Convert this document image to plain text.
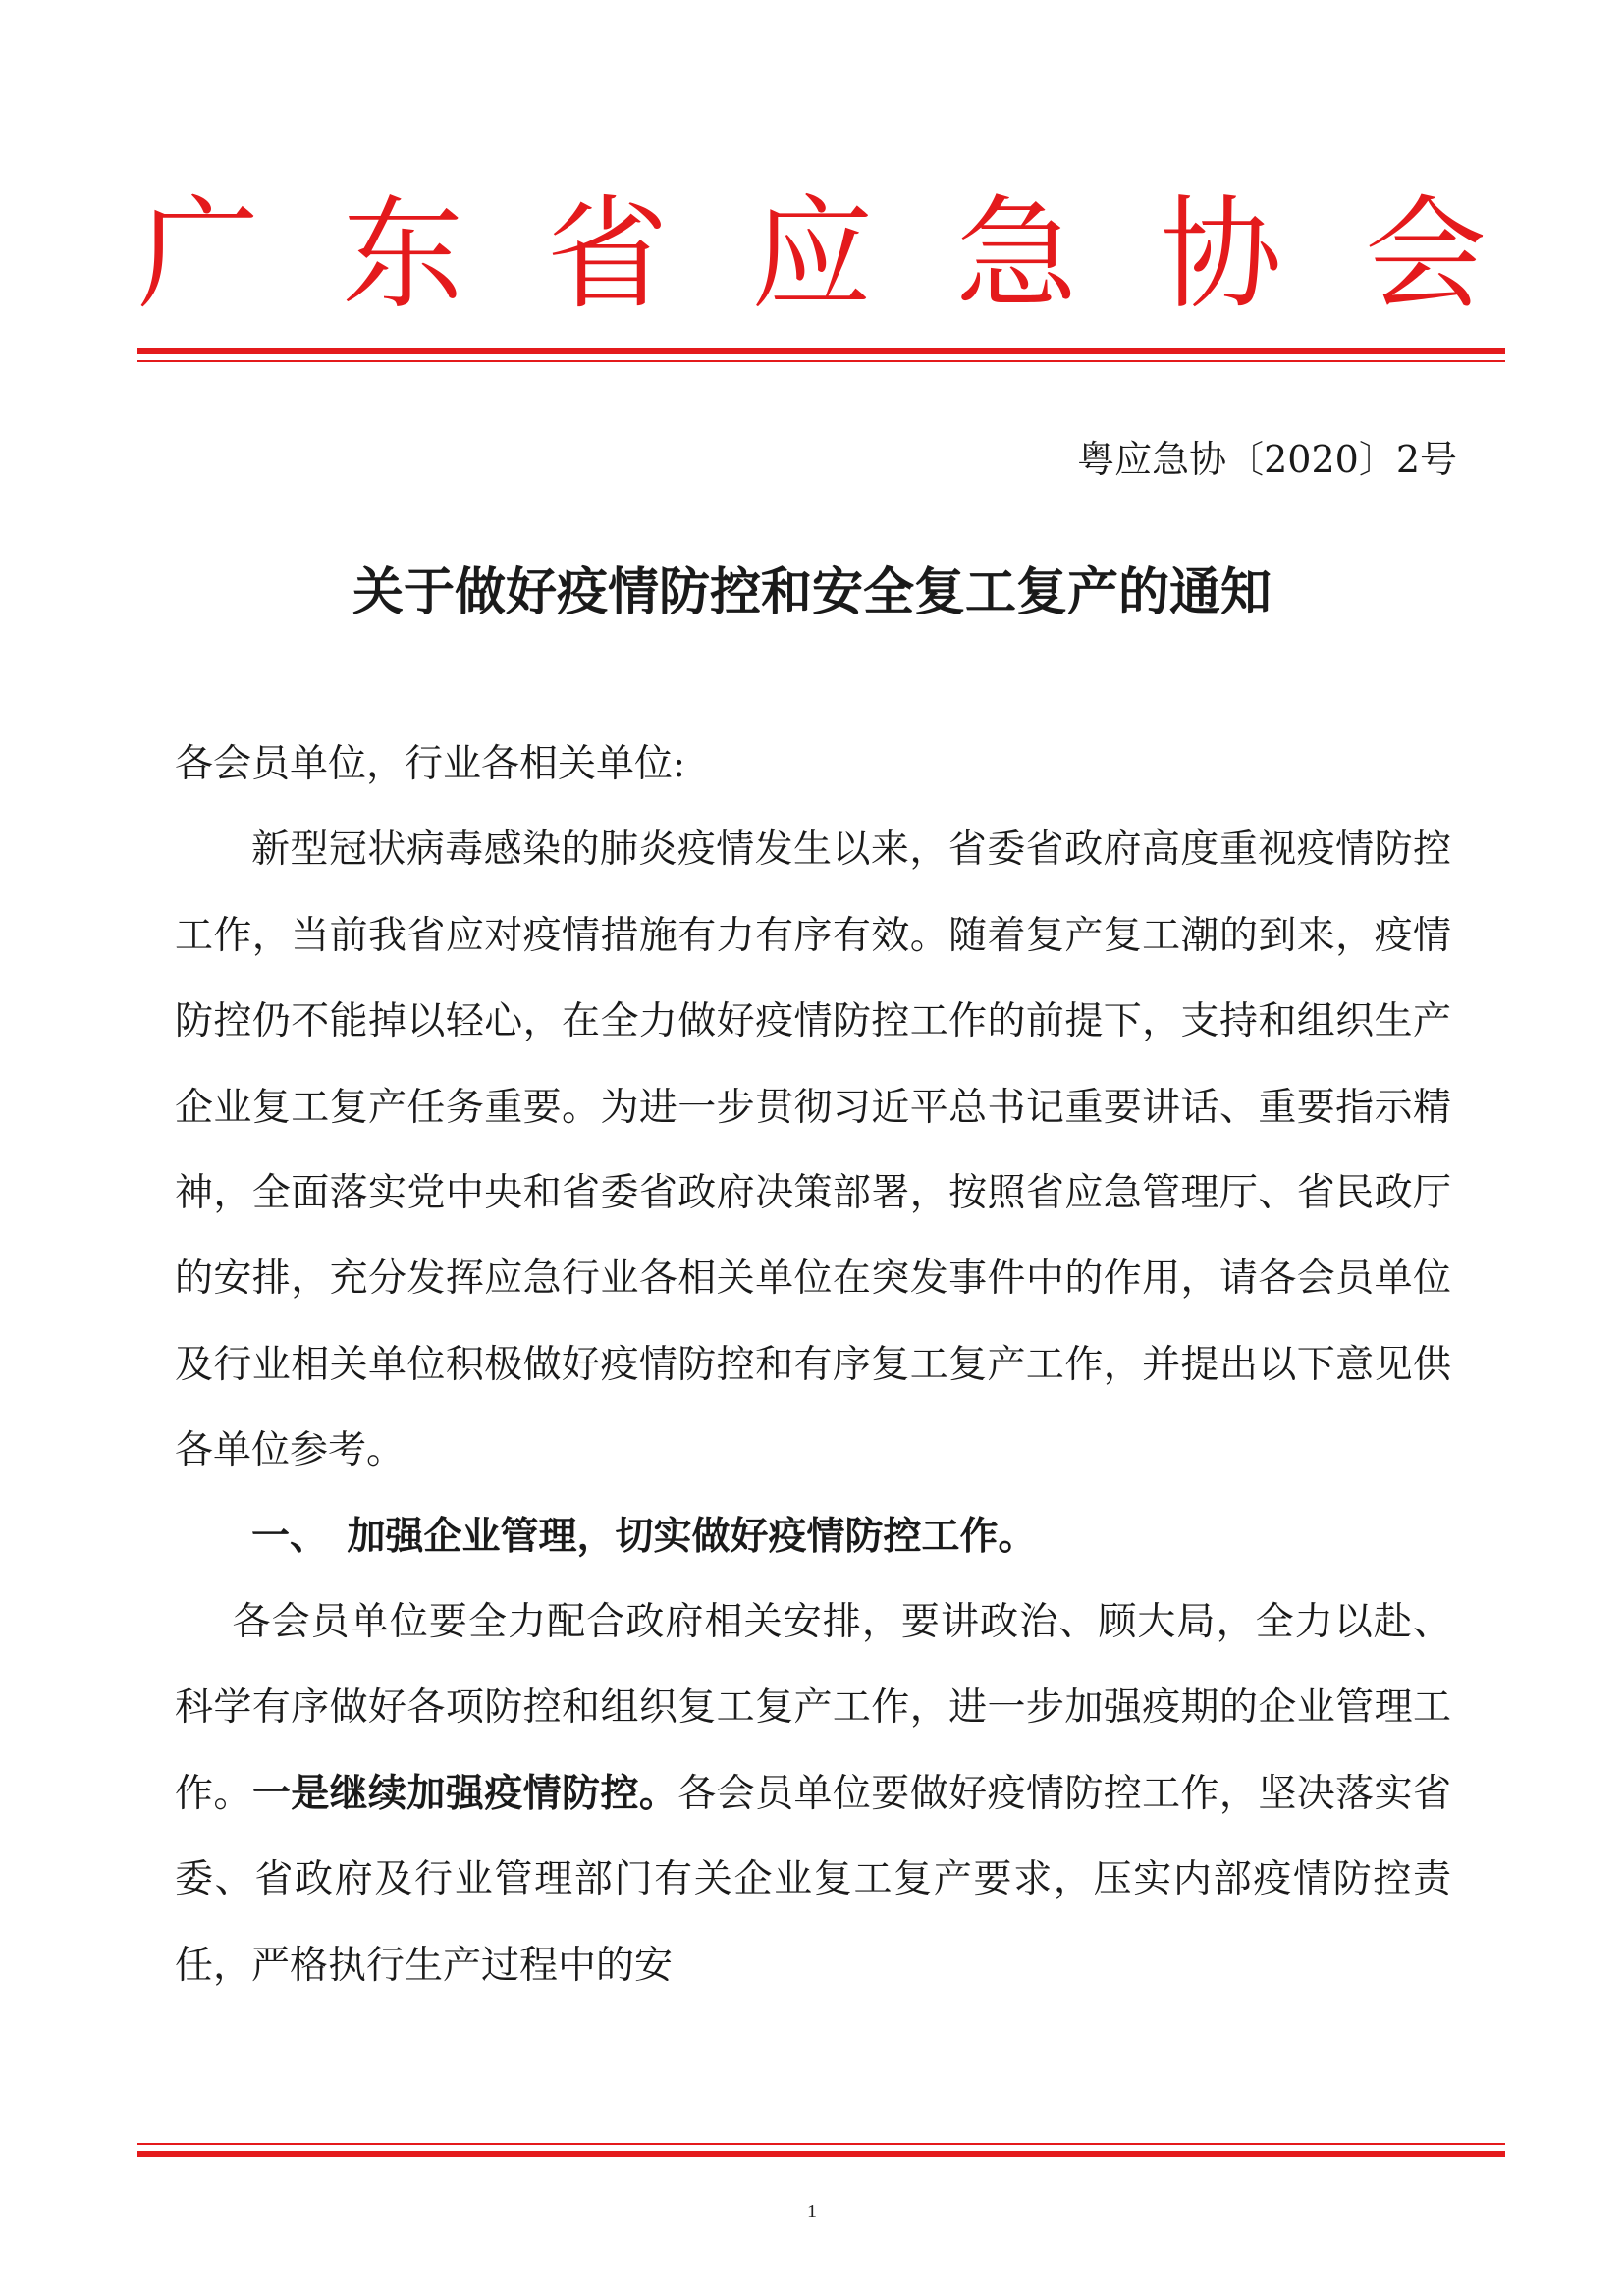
广 东 省 应 急 协 会
粤应急协〔2020〕2号
关于做好疫情防控和安全复工复产的通知

各会员单位，行业各相关单位:

新型冠状病毒感染的肺炎疫情发生以来，省委省政府高度重视疫情防控工作，当前我省应对疫情措施有力有序有效。随着复产复工潮的到来，疫情防控仍不能掉以轻心，在全力做好疫情防控工作的前提下，支持和组织生产企业复工复产任务重要。为进一步贯彻习近平总书记重要讲话、重要指示精神，全面落实党中央和省委省政府决策部署，按照省应急管理厅、省民政厅的安排，充分发挥应急行业各相关单位在突发事件中的作用，请各会员单位及行业相关单位积极做好疫情防控和有序复工复产工作，并提出以下意见供各单位参考。

一、 加强企业管理，切实做好疫情防控工作。

各会员单位要全力配合政府相关安排，要讲政治、顾大局，全力以赴、科学有序做好各项防控和组织复工复产工作，进一步加强疫期的企业管理工作。一是继续加强疫情防控。各会员单位要做好疫情防控工作，坚决落实省委、省政府及行业管理部门有关企业复工复产要求，压实内部疫情防控责任，严格执行生产过程中的安

1
